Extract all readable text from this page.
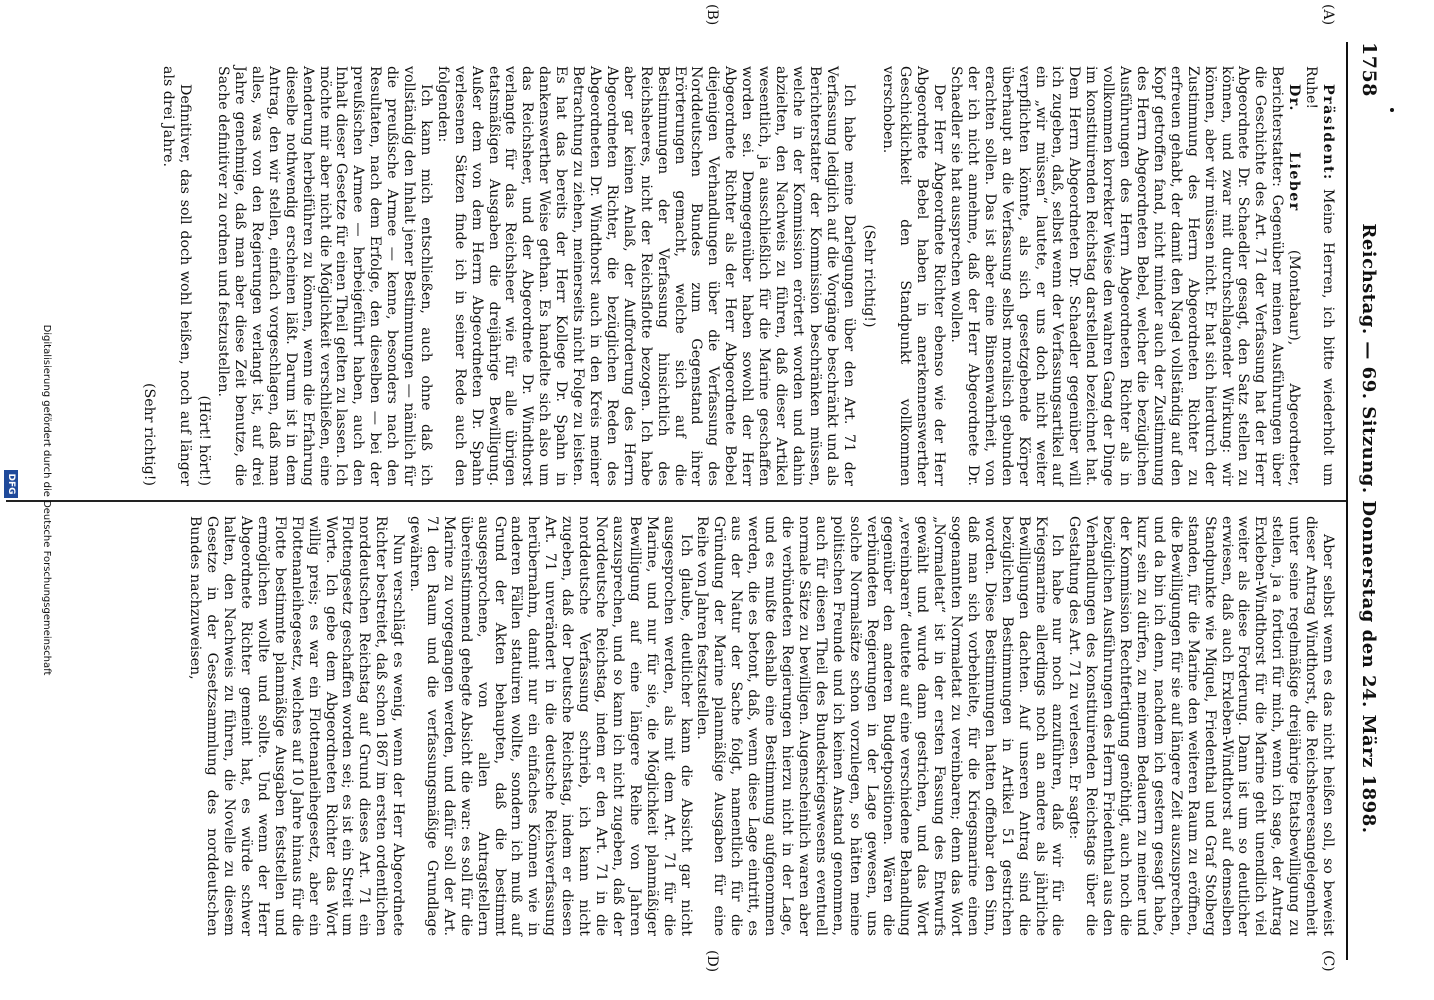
1758
Reichstag. — 69. Sitzung. Donnerstag den 24. März 1898.
(A)
(B)
(C)
(D)

Präsident: Meine Herren, ich bitte wiederholt um Ruhe!

Dr. Lieber (Montabaur), Abgeordneter, Berichterstatter: Gegenüber meinen Ausführungen über die Geschichte des Art. 71 der Verfassung hat der Herr Abgeordnete Dr. Schaedler gesagt, den Satz stellen zu können, und zwar mit durchschlagender Wirkung: wir können, aber wir müssen nicht. Er hat sich hierdurch der Zustimmung des Herrn Abgeordneten Richter zu erfreuen gehabt, der damit den Nagel vollständig auf den Kopf getroffen fand, nicht minder auch der Zustimmung des Herrn Abgeordneten Bebel, welcher die bezüglichen Ausführungen des Herrn Abgeordneten Richter als in vollkommen korrekter Weise den wahren Gang der Dinge im konstituirenden Reichstag darstellend bezeichnet hat. Dem Herrn Abgeordneten Dr. Schaedler gegenüber will ich zugeben, daß, selbst wenn der Verfassungsartikel auf ein „wir müssen“ lautete, er uns doch nicht weiter verpflichten könnte, als sich gesetzgebende Körper überhaupt an die Verfassung selbst moralisch gebunden erachten sollen. Das ist aber eine Binsenwahrheit, von der ich nicht annehme, daß der Herr Abgeordnete Dr. Schaedler sie hat aussprechen wollen.

Der Herr Abgeordnete Richter ebenso wie der Herr Abgeordnete Bebel haben in anerkennenswerther Geschicklichkeit den Standpunkt vollkommen verschoben.

(Sehr richtig!)

Ich habe meine Darlegungen über den Art. 71 der Verfassung lediglich auf die Vorgänge beschränkt und als Berichterstatter der Kommission beschränken müssen, welche in der Kommission erörtert worden und dahin abzielten, den Nachweis zu führen, daß dieser Artikel wesentlich, ja ausschließlich für die Marine geschaffen worden sei. Demgegenüber haben sowohl der Herr Abgeordnete Richter als der Herr Abgeordnete Bebel diejenigen Verhandlungen über die Verfassung des Norddeutschen Bundes zum Gegenstand ihrer Erörterungen gemacht, welche sich auf die Bestimmungen der Verfassung hinsichtlich des Reichsheeres, nicht der Reichsflotte bezogen. Ich habe aber gar keinen Anlaß, der Aufforderung des Herrn Abgeordneten Richter, die bezüglichen Reden des Abgeordneten Dr. Windthorst auch in den Kreis meiner Betrachtung zu ziehen, meinerseits nicht Folge zu leisten. Es hat das bereits der Herr Kollege Dr. Spahn in dankenswerther Weise gethan. Es handelte sich also um das Reichsheer, und der Abgeordnete Dr. Windthorst verlangte für das Reichsheer wie für alle übrigen etatsmäßigen Ausgaben die dreijährige Bewilligung. Außer dem von dem Herrn Abgeordneten Dr. Spahn verlesenen Sätzen finde ich in seiner Rede auch den folgenden:

Ich kann mich entschließen, auch ohne daß ich vollständig den Inhalt jener Bestimmungen — nämlich für die preußische Armee — kenne, besonders nach den Resultaten, nach dem Erfolge, den dieselben — bei der preußischen Armee — herbeigeführt haben, auch den Inhalt dieser Gesetze für einen Theil gelten zu lassen. Ich möchte mir aber nicht die Möglichkeit verschließen, eine Aenderung herbeiführen zu können, wenn die Erfahrung dieselbe nothwendig erscheinen läßt. Darum ist in dem Antrag, den wir stellen, einfach vorgeschlagen, daß man alles, was von den Regierungen verlangt ist, auf drei Jahre genehmige, daß man aber diese Zeit benutze, die Sache definitiver zu ordnen und festzustellen.

(Hört! hört!)

Definitiver, das soll doch wohl heißen, noch auf länger als drei Jahre.

(Sehr richtig!)

Aber selbst wenn es das nicht heißen soll, so beweist dieser Antrag Windthorst, die Reichsheeresangelegenheit unter seine regelmäßige dreijährige Etatsbewilligung zu stellen, ja a fortiori für mich, wenn ich sage, der Antrag Erxleben-Windthorst für die Marine geht unendlich viel weiter als diese Forderung. Dann ist um so deutlicher erwiesen, daß auch Erxleben-Windthorst auf demselben Standpunkte wie Miquel, Friedenthal und Graf Stolberg standen, für die Marine den weiteren Raum zu eröffnen, die Bewilligungen für sie auf längere Zeit auszusprechen, und da bin ich denn, nachdem ich gestern gesagt habe, kurz sein zu dürfen, zu meinem Bedauern zu meiner und der Kommission Rechtfertigung genöthigt, auch noch die bezüglichen Ausführungen des Herrn Friedenthal aus den Verhandlungen des konstituirenden Reichstags über die Gestaltung des Art. 71 zu verlesen. Er sagte:

Ich habe nur noch anzuführen, daß wir für die Kriegsmarine allerdings noch an andere als jährliche Bewilligungen dachten. Auf unseren Antrag sind die bezüglichen Bestimmungen in Artikel 51 gestrichen worden. Diese Bestimmungen hatten offenbar den Sinn, daß man sich vorbehielte, für die Kriegsmarine einen sogenannten Normaletat zu vereinbaren; denn das Wort „Normaletat“ ist in der ersten Fassung des Entwurfs gewählt und wurde dann gestrichen, und das Wort „vereinbaren“ deutete auf eine verschiedene Behandlung gegenüber den anderen Budgetpositionen. Wären die verbündeten Regierungen in der Lage gewesen, uns solche Normalsätze schon vorzulegen, so hätten meine politischen Freunde und ich keinen Anstand genommen, auch für diesen Theil des Bundeskriegswesens eventuell normale Sätze zu bewilligen. Augenscheinlich waren aber die verbündeten Regierungen hierzu nicht in der Lage, und es mußte deshalb eine Bestimmung aufgenommen werden, die es betont, daß, wenn diese Lage eintritt, es aus der Natur der Sache folgt, namentlich für die Gründung der Marine planmäßige Ausgaben für eine Reihe von Jahren festzustellen.

Ich glaube, deutlicher kann die Absicht gar nicht ausgesprochen werden, als mit dem Art. 71 für die Marine, und nur für sie, die Möglichkeit planmäßiger Bewilligung auf eine längere Reihe von Jahren auszusprechen, und so kann ich nicht zugeben, daß der Norddeutsche Reichstag, indem er den Art. 71 in die norddeutsche Verfassung schrieb, ich kann nicht zugeben, daß der Deutsche Reichstag, indem er diesen Art. 71 unverändert in die deutsche Reichsverfassung herübernahm, damit nur ein einfaches Können wie in anderen Fällen statuiren wollte, sondern ich muß auf Grund der Akten behaupten, daß die bestimmt ausgesprochene, von allen Antragstellern übereinstimmend gehegte Absicht die war: es soll für die Marine zu vorgegangen werden, und dafür soll der Art. 71 den Raum und die verfassungsmäßige Grundlage gewähren.

Nun verschlägt es wenig, wenn der Herr Abgeordnete Richter bestreitet, daß schon 1867 im ersten ordentlichen norddeutschen Reichstag auf Grund dieses Art. 71 ein Flottengesetz geschaffen worden sei; es ist ein Streit um Worte. Ich gebe dem Abgeordneten Richter das Wort willig preis; es war ein Flottenanleihegesetz, aber ein Flottenanleihegesetz, welches auf 10 Jahre hinaus für die Flotte bestimmte planmäßige Ausgaben feststellen und ermöglichen wollte und sollte. Und wenn der Herr Abgeordnete Richter gemeint hat, es würde schwer halten, den Nachweis zu führen, die Novelle zu diesem Gesetze in der Gesetzsammlung des norddeutschen Bundes nachzuweisen,

Digitalisierung gefördert durch die Deutsche Forschungsgemeinschaft
DFG
